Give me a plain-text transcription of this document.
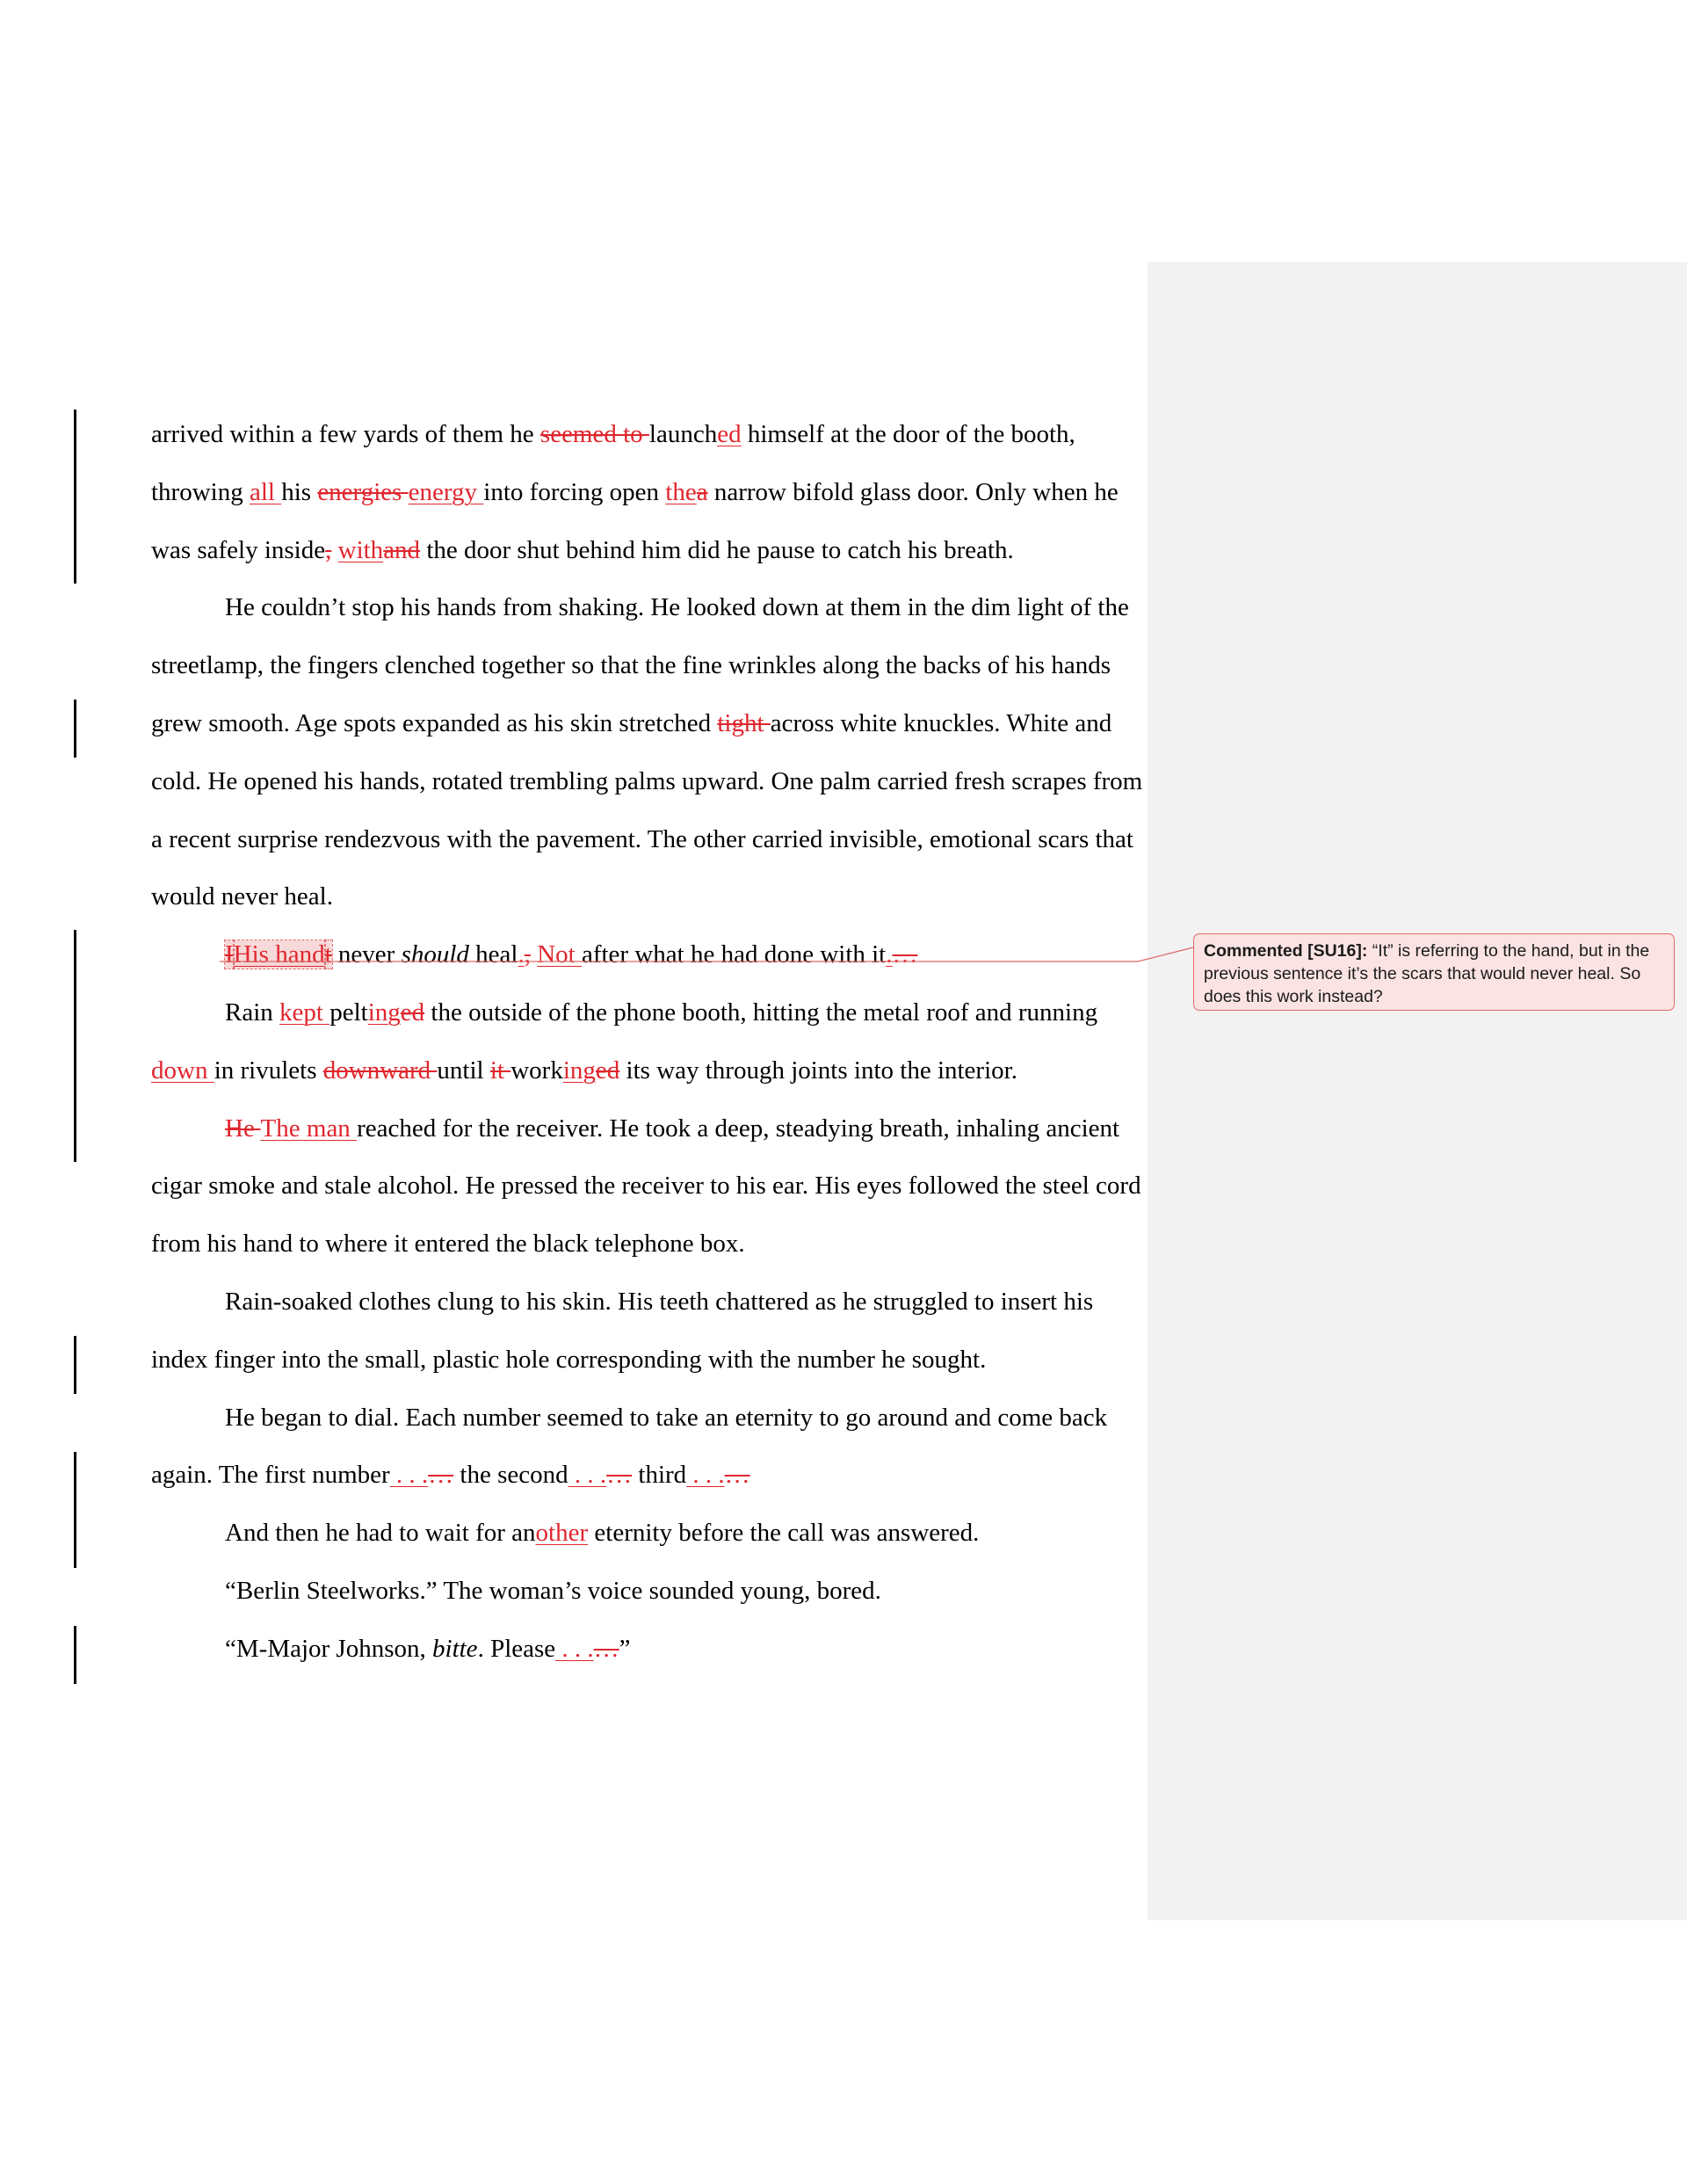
arrived within a few yards of them he seemed to launched himself at the door of the booth,

throwing all his energies energy into forcing open thea narrow bifold glass door. Only when he

was safely inside, withand the door shut behind him did he pause to catch his breath.

He couldn’t stop his hands from shaking. He looked down at them in the dim light of the

streetlamp, the fingers clenched together so that the fine wrinkles along the backs of his hands

grew smooth. Age spots expanded as his skin stretched tight across white knuckles. White and

cold. He opened his hands, rotated trembling palms upward. One palm carried fresh scrapes from

a recent surprise rendezvous with the pavement. The other carried invisible, emotional scars that

would never heal.

IHis handt never should heal., Not after what he had done with it.…

Rain kept peltinged the outside of the phone booth, hitting the metal roof and running

down in rivulets downward until it workinged its way through joints into the interior.

He The man reached for the receiver. He took a deep, steadying breath, inhaling ancient

cigar smoke and stale alcohol. He pressed the receiver to his ear. His eyes followed the steel cord

from his hand to where it entered the black telephone box.

Rain-soaked clothes clung to his skin. His teeth chattered as he struggled to insert his

index finger into the small, plastic hole corresponding with the number he sought.

He began to dial. Each number seemed to take an eternity to go around and come back

again. The first number . . .… the second . . .… third . . .…

And then he had to wait for another eternity before the call was answered.

“Berlin Steelworks.” The woman’s voice sounded young, bored.

“M-Major Johnson, bitte. Please . . .…”

Commented [SU16]: “It” is referring to the hand, but in the previous sentence it’s the scars that would never heal. So does this work instead?
